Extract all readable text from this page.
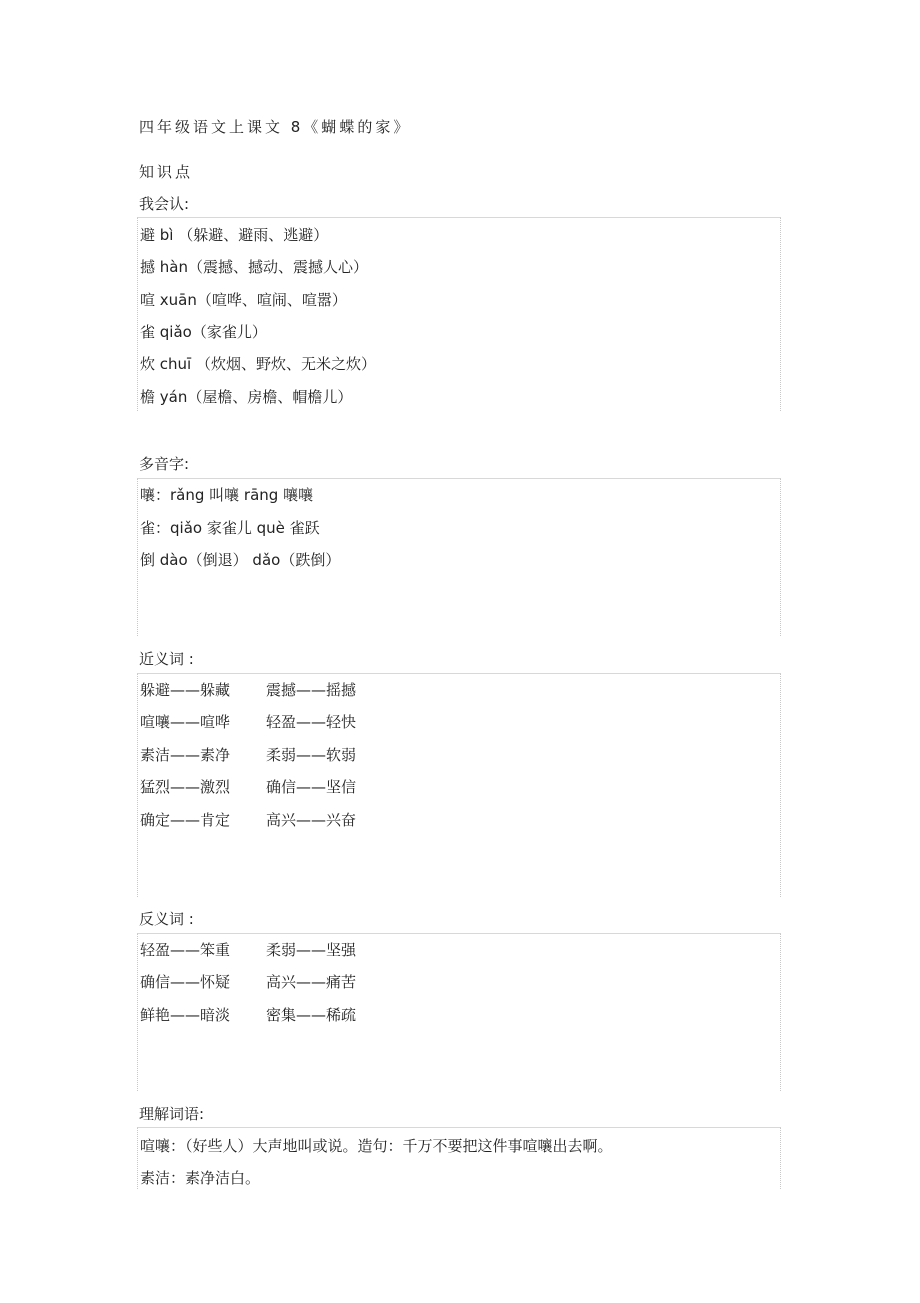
四年级语文上课文 8《蝴蝶的家》
知识点
我会认:
避 bì （躲避、避雨、逃避）
撼 hàn（震撼、撼动、震撼人心）
喧 xuān（喧哗、喧闹、喧嚣）
雀 qiǎo（家雀儿）
炊 chuī （炊烟、野炊、无米之炊）
檐 yán（屋檐、房檐、帽檐儿）
多音字:
嚷：rǎng 叫嚷 rāng 嚷嚷
雀：qiǎo 家雀儿 què 雀跃
倒 dào（倒退） dǎo（跌倒）
近义词 :
躲避——躲藏 震撼——摇撼
喧嚷——喧哗 轻盈——轻快
素洁——素净 柔弱——软弱
猛烈——激烈 确信——坚信
确定——肯定 高兴——兴奋
反义词 :
轻盈——笨重 柔弱——坚强
确信——怀疑 高兴——痛苦
鲜艳——暗淡 密集——稀疏
理解词语:
喧嚷：（好些人）大声地叫或说。造句：千万不要把这件事喧嚷出去啊。
素洁：素净洁白。
